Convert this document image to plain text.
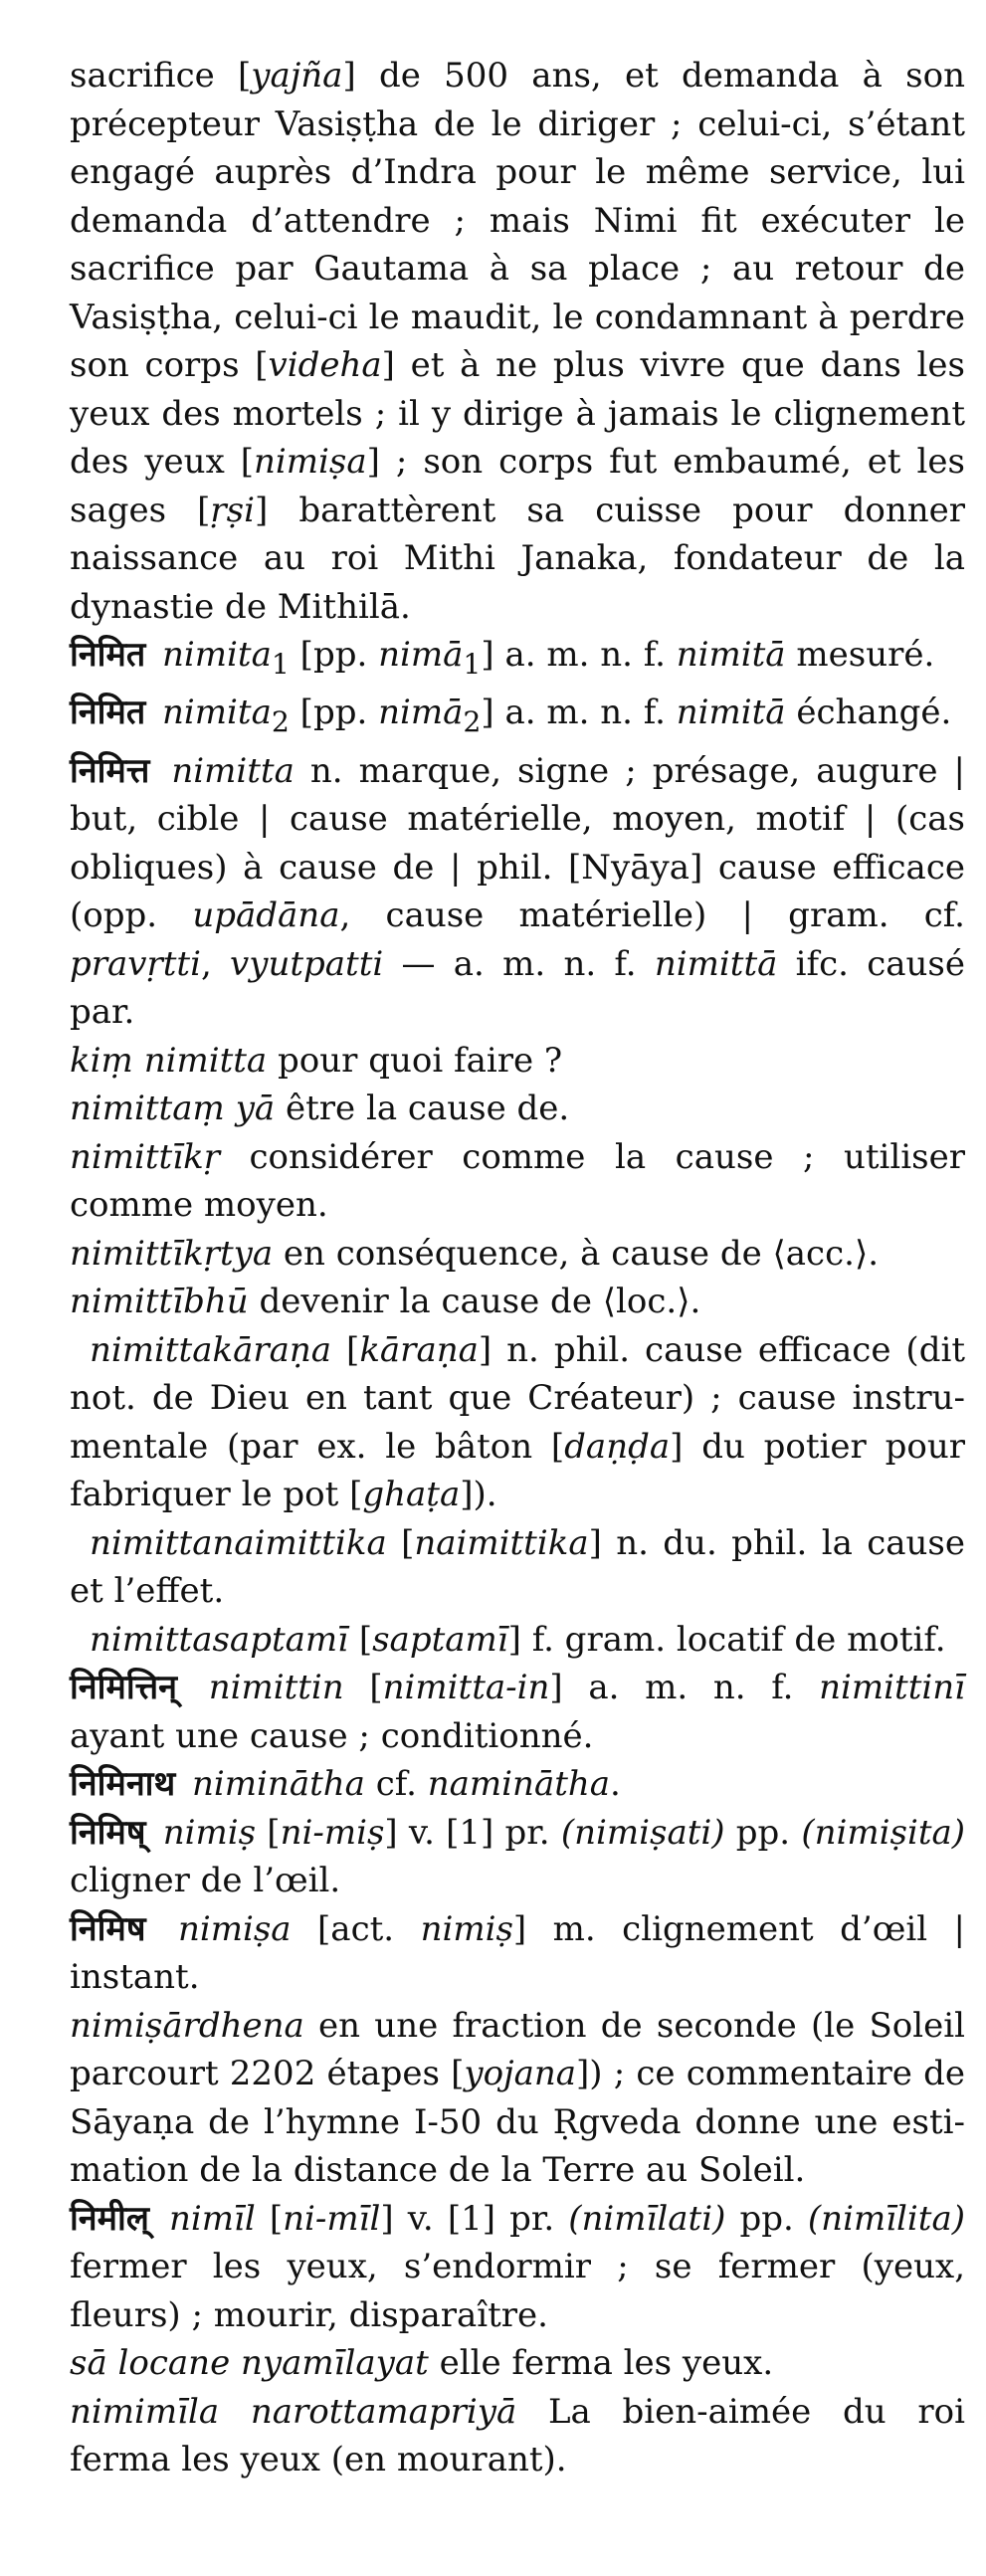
sacrifice [yajña] de 500 ans, et demanda à son précepteur Vasiṣṭha de le diriger ; celui-ci, s’étant engagé auprès d’Indra pour le même service, lui demanda d’attendre ; mais Nimi fit exécuter le sacrifice par Gautama à sa place ; au retour de Vasiṣṭha, celui-ci le maudit, le condamnant à perdre son corps [videha] et à ne plus vivre que dans les yeux des mortels ; il y dirige à jamais le clignement des yeux [nimiṣa] ; son corps fut embaumé, et les sages [ṛṣi] barattèrent sa cuisse pour donner naissance au roi Mithi Janaka, fondateur de la dynastie de Mithilā.

निमित nimita$_1$ [pp. nimā$_1$] a. m. n. f. nimitā mesuré.

निमित nimita$_2$ [pp. nimā$_2$] a. m. n. f. nimitā échangé.

निमित्त nimitta n. marque, signe ; présage, augure | but, cible | cause matérielle, moyen, motif | (cas obliques) à cause de | phil. [Nyāya] cause efficace (opp. upādāna, cause matérielle) | gram. cf. pravṛtti, vyutpatti — a. m. n. f. nimittā ifc. causé par.

kiṃ nimitta pour quoi faire ?

nimittaṃ yā être la cause de.

nimittīkṛ considérer comme la cause ; utiliser comme moyen.

nimittīkṛtya en conséquence, à cause de ⟨acc.⟩.

nimittībhū devenir la cause de ⟨loc.⟩.

nimittakāraṇa [kāraṇa] n. phil. cause efficace (dit not. de Dieu en tant que Créateur) ; cause instrumentale (par ex. le bâton [daṇḍa] du potier pour fabriquer le pot [ghaṭa]).

nimittanaimittika [naimittika] n. du. phil. la cause et l’effet.

nimittasaptamī [saptamī] f. gram. locatif de motif.

निमित्तिन् nimittin [nimitta-in] a. m. n. f. nimittinī ayant une cause ; conditionné.

निमिनाथ nimināthа cf. naminātha.

निमिष् nimiṣ [ni-miṣ] v. [1] pr. (nimiṣati) pp. (nimiṣita) cligner de l’œil.

निमिष nimiṣa [act. nimiṣ] m. clignement d’œil | instant.

nimiṣārdhena en une fraction de seconde (le Soleil parcourt 2202 étapes [yojana]) ; ce commentaire de Sāyaṇa de l’hymne I-50 du Ṛgveda donne une estimation de la distance de la Terre au Soleil.

निमील् nimīl [ni-mīl] v. [1] pr. (nimīlati) pp. (nimīlita) fermer les yeux, s’endormir ; se fermer (yeux, fleurs) ; mourir, disparaître.

sā locane nyamīlayat elle ferma les yeux.

nimimīla narottamapriyā La bien-aimée du roi ferma les yeux (en mourant).
